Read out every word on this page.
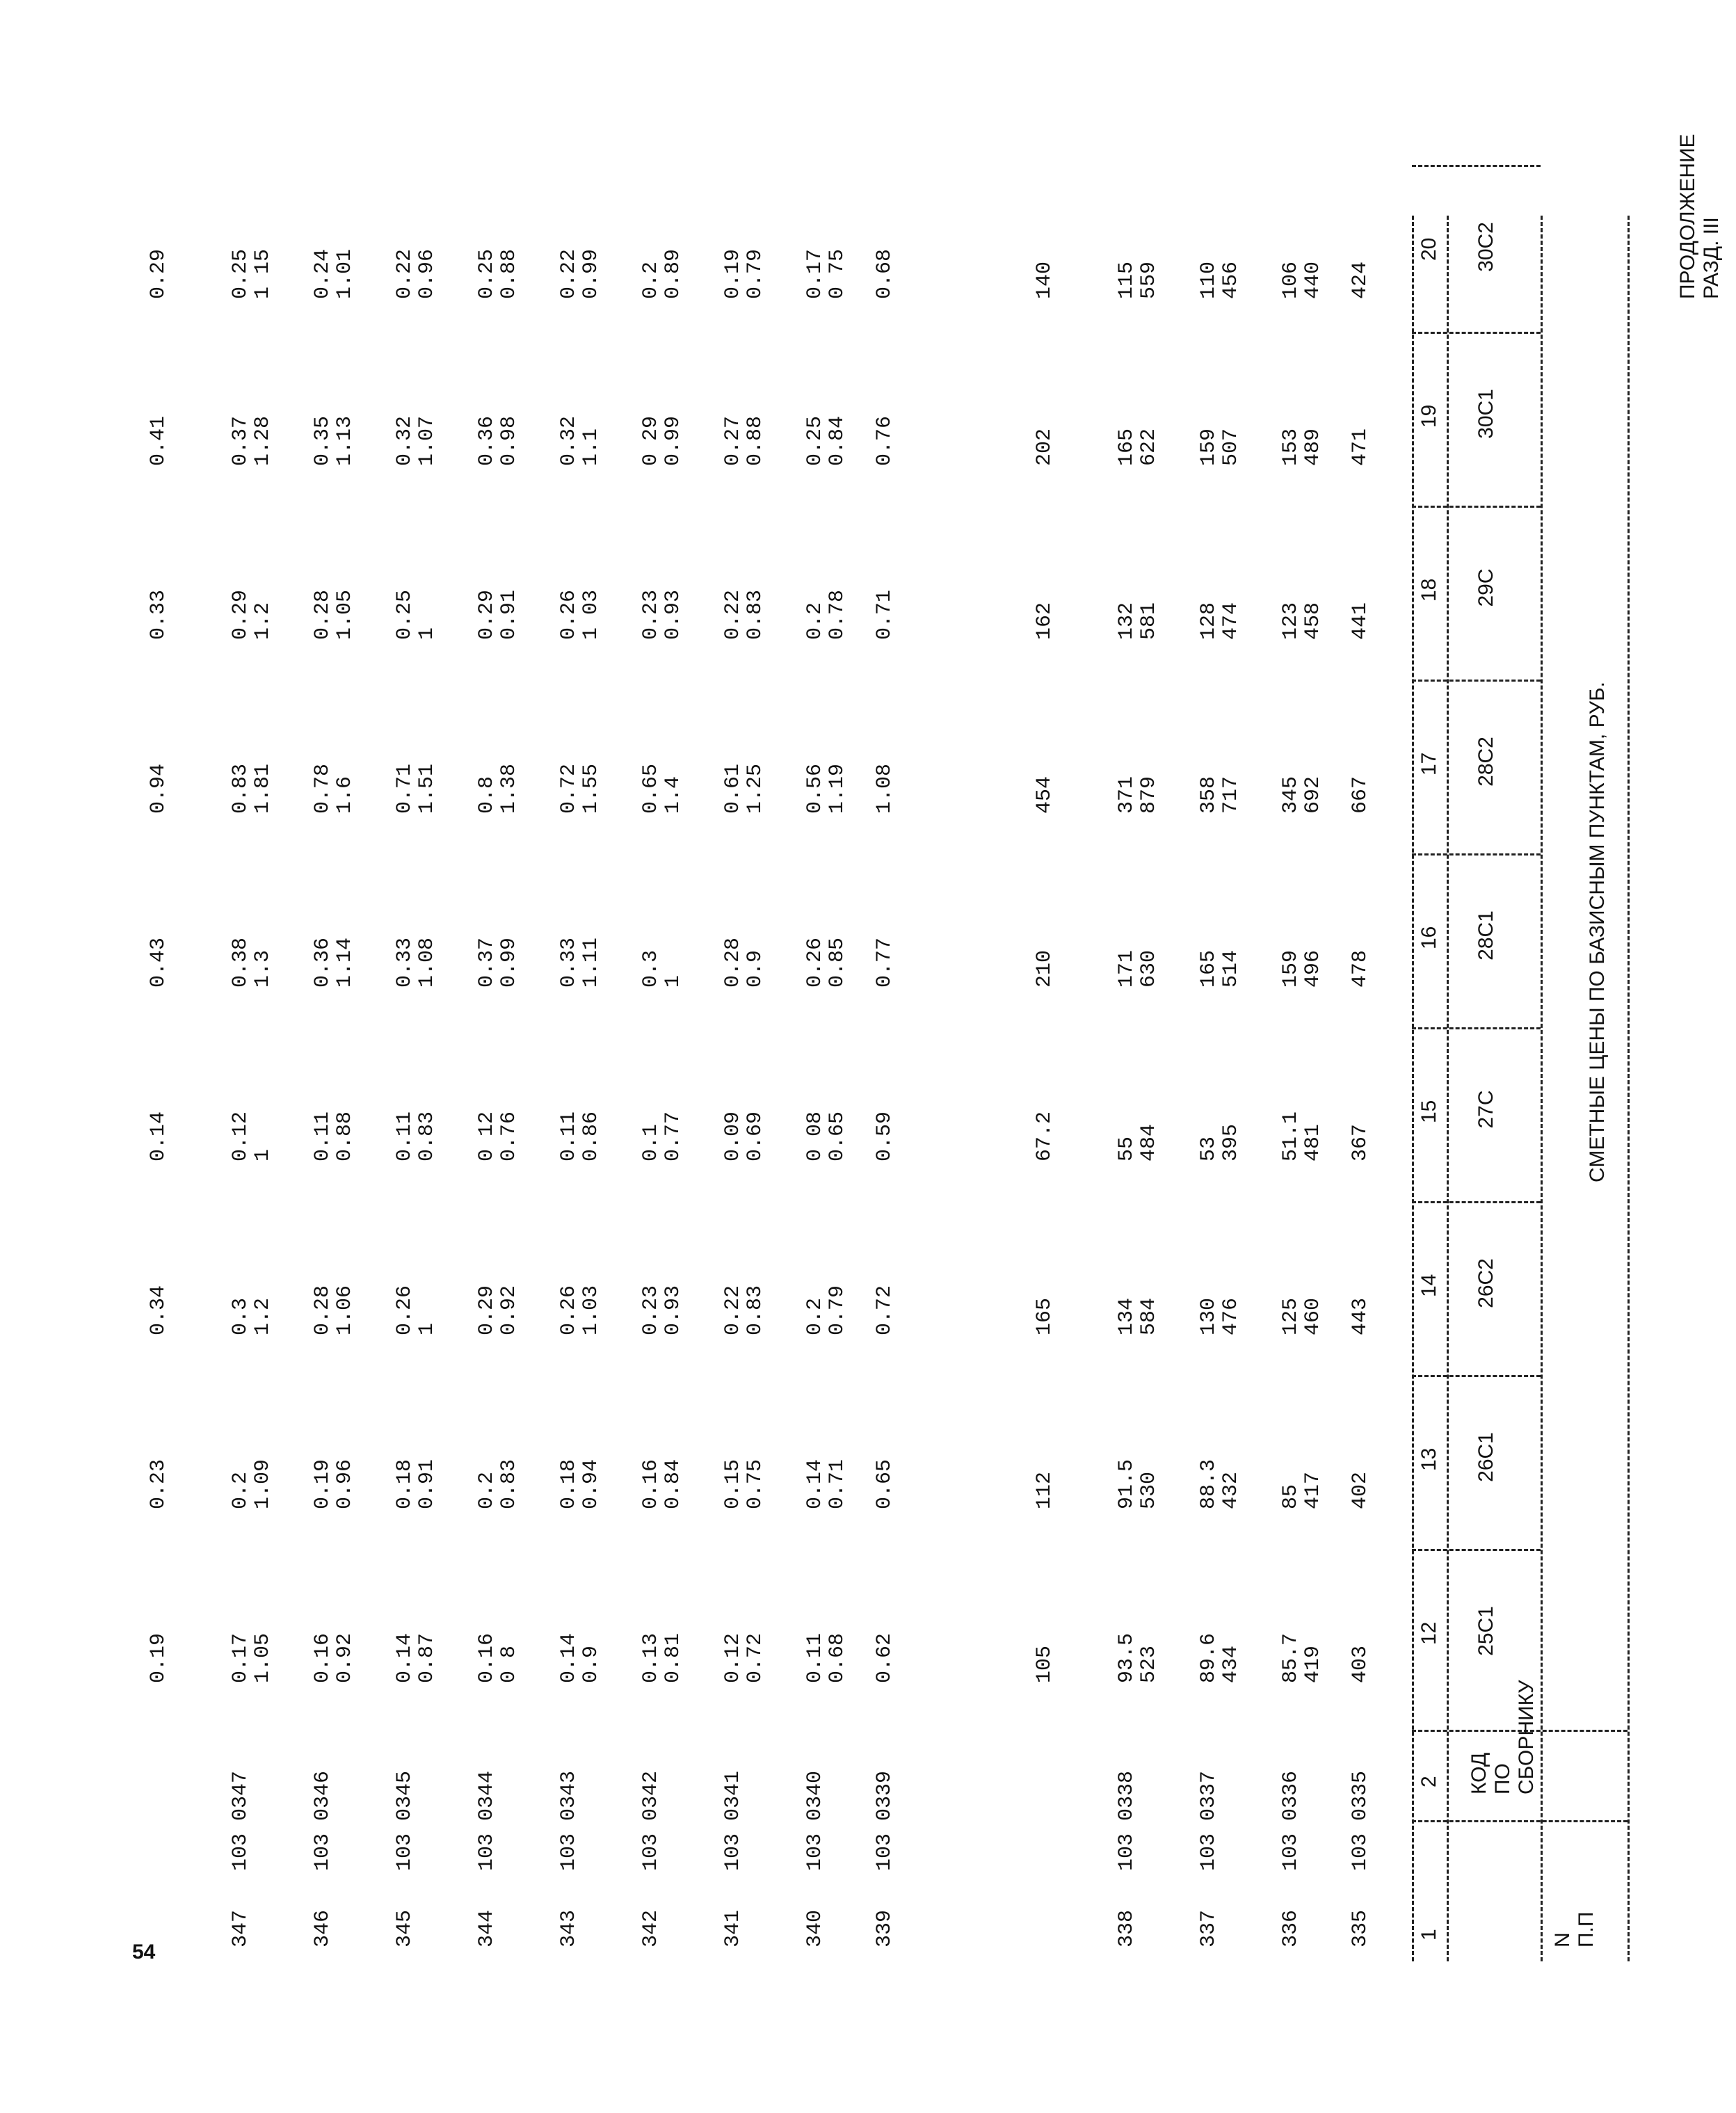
54
ПРОДОЛЖЕНИЕ РАЗД. III
СМЕТНЫЕ ЦЕНЫ ПО БАЗИСНЫМ ПУНКТАМ, РУБ.
N
П.П
КОД
ПО
СБОРНИКУ
25С1
26С1
26С2
27С
28С1
28С2
29С
30С1
30С2
1
2
12
13
14
15
16
17
18
19
20
335
103 0335
403
402
443
367
478
667
441
471
424
336
103 0336
85.7
419
85
417
125
460
51.1
481
159
496
345
692
123
458
153
489
106
440
337
103 0337
89.6
434
88.3
432
130
476
53
395
165
514
358
717
128
474
159
507
110
456
338
103 0338
93.5
523
91.5
530
134
584
55
484
171
630
371
879
132
581
165
622
115
559
105
112
165
67.2
210
454
162
202
140
339
103 0339
0.62
0.65
0.72
0.59
0.77
1.08
0.71
0.76
0.68
340
103 0340
0.11
0.68
0.14
0.71
0.2
0.79
0 08
0.65
0.26
0.85
0.56
1.19
0.2
0.78
0.25
0.84
0.17
0 75
341
103 0341
0.12
0.72
0.15
0.75
0.22
0.83
0.09
0.69
0.28
0.9
0.61
1.25
0.22
0.83
0.27
0.88
0.19
0.79
342
103 0342
0.13
0.81
0.16
0.84
0.23
0.93
0.1
0.77
0.3
1
0.65
1.4
0.23
0.93
0 29
0.99
0.2
0.89
343
103 0343
0.14
0.9
0.18
0.94
0.26
1.03
0.11
0.86
0.33
1.11
0.72
1.55
0.26
1 03
0.32
1.1
0.22
0.99
344
103 0344
0.16
0 8
0.2
0.83
0.29
0.92
0 12
0.76
0.37
0.99
0.8
1.38
0.29
0.91
0.36
0.98
0.25
0.88
345
103 0345
0.14
0.87
0.18
0.91
0.26
1
0.11
0.83
0.33
1.08
0.71
1.51
0.25
1
0.32
1.07
0.22
0.96
346
103 0346
0.16
0.92
0.19
0.96
0.28
1.06
0.11
0.88
0.36
1.14
0.78
1.6
0.28
1.05
0.35
1.13
0.24
1.01
347
103 0347
0.17
1.05
0.2
1.09
0.3
1.2
0.12
1
0.38
1.3
0.83
1.81
0.29
1.2
0.37
1.28
0.25
1 15
0.19
0.23
0.34
0.14
0.43
0.94
0.33
0.41
0.29
